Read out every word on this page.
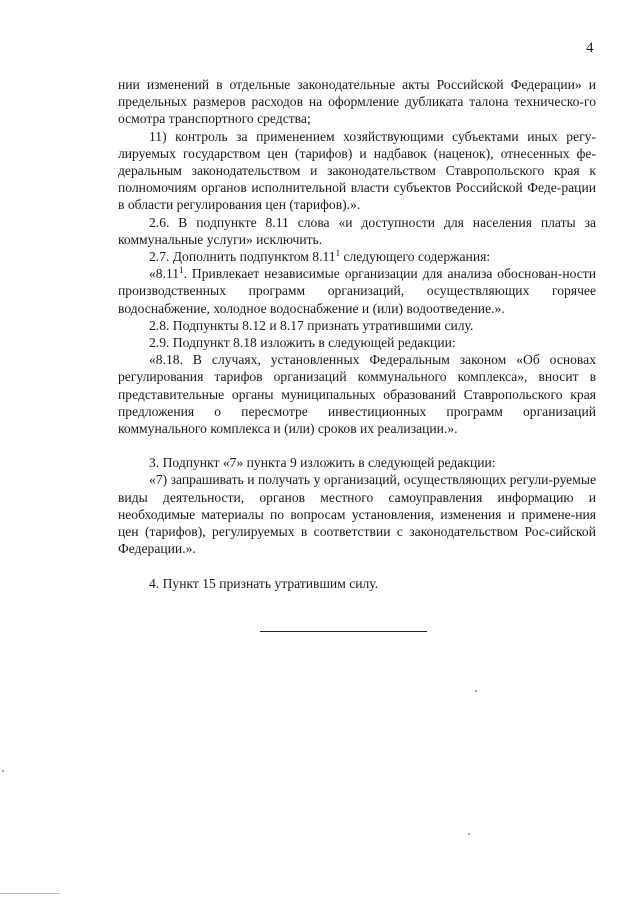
4

нии изменений в отдельные законодательные акты Российской Федерации» и предельных размеров расходов на оформление дубликата талона техническо-го осмотра транспортного средства;

11) контроль за применением хозяйствующими субъектами иных регу-лируемых государством цен (тарифов) и надбавок (наценок), отнесенных фе-деральным законодательством и законодательством Ставропольского края к полномочиям органов исполнительной власти субъектов Российской Феде-рации в области регулирования цен (тарифов).».

2.6. В подпункте 8.11 слова «и доступности для населения платы за коммунальные услуги» исключить.

2.7. Дополнить подпунктом 8.11$^1$ следующего содержания:

«8.11$^1$. Привлекает независимые организации для анализа обоснован-ности производственных программ организаций, осуществляющих горячее водоснабжение, холодное водоснабжение и (или) водоотведение.».

2.8. Подпункты 8.12 и 8.17 признать утратившими силу.

2.9. Подпункт 8.18 изложить в следующей редакции:

«8.18. В случаях, установленных Федеральным законом «Об основах регулирования тарифов организаций коммунального комплекса», вносит в представительные органы муниципальных образований Ставропольского края предложения о пересмотре инвестиционных программ организаций коммунального комплекса и (или) сроков их реализации.».

3. Подпункт «7» пункта 9 изложить в следующей редакции:

«7) запрашивать и получать у организаций, осуществляющих регули-руемые виды деятельности, органов местного самоуправления информацию и необходимые материалы по вопросам установления, изменения и примене-ния цен (тарифов), регулируемых в соответствии с законодательством Рос-сийской Федерации.».

4. Пункт 15 признать утратившим силу.
